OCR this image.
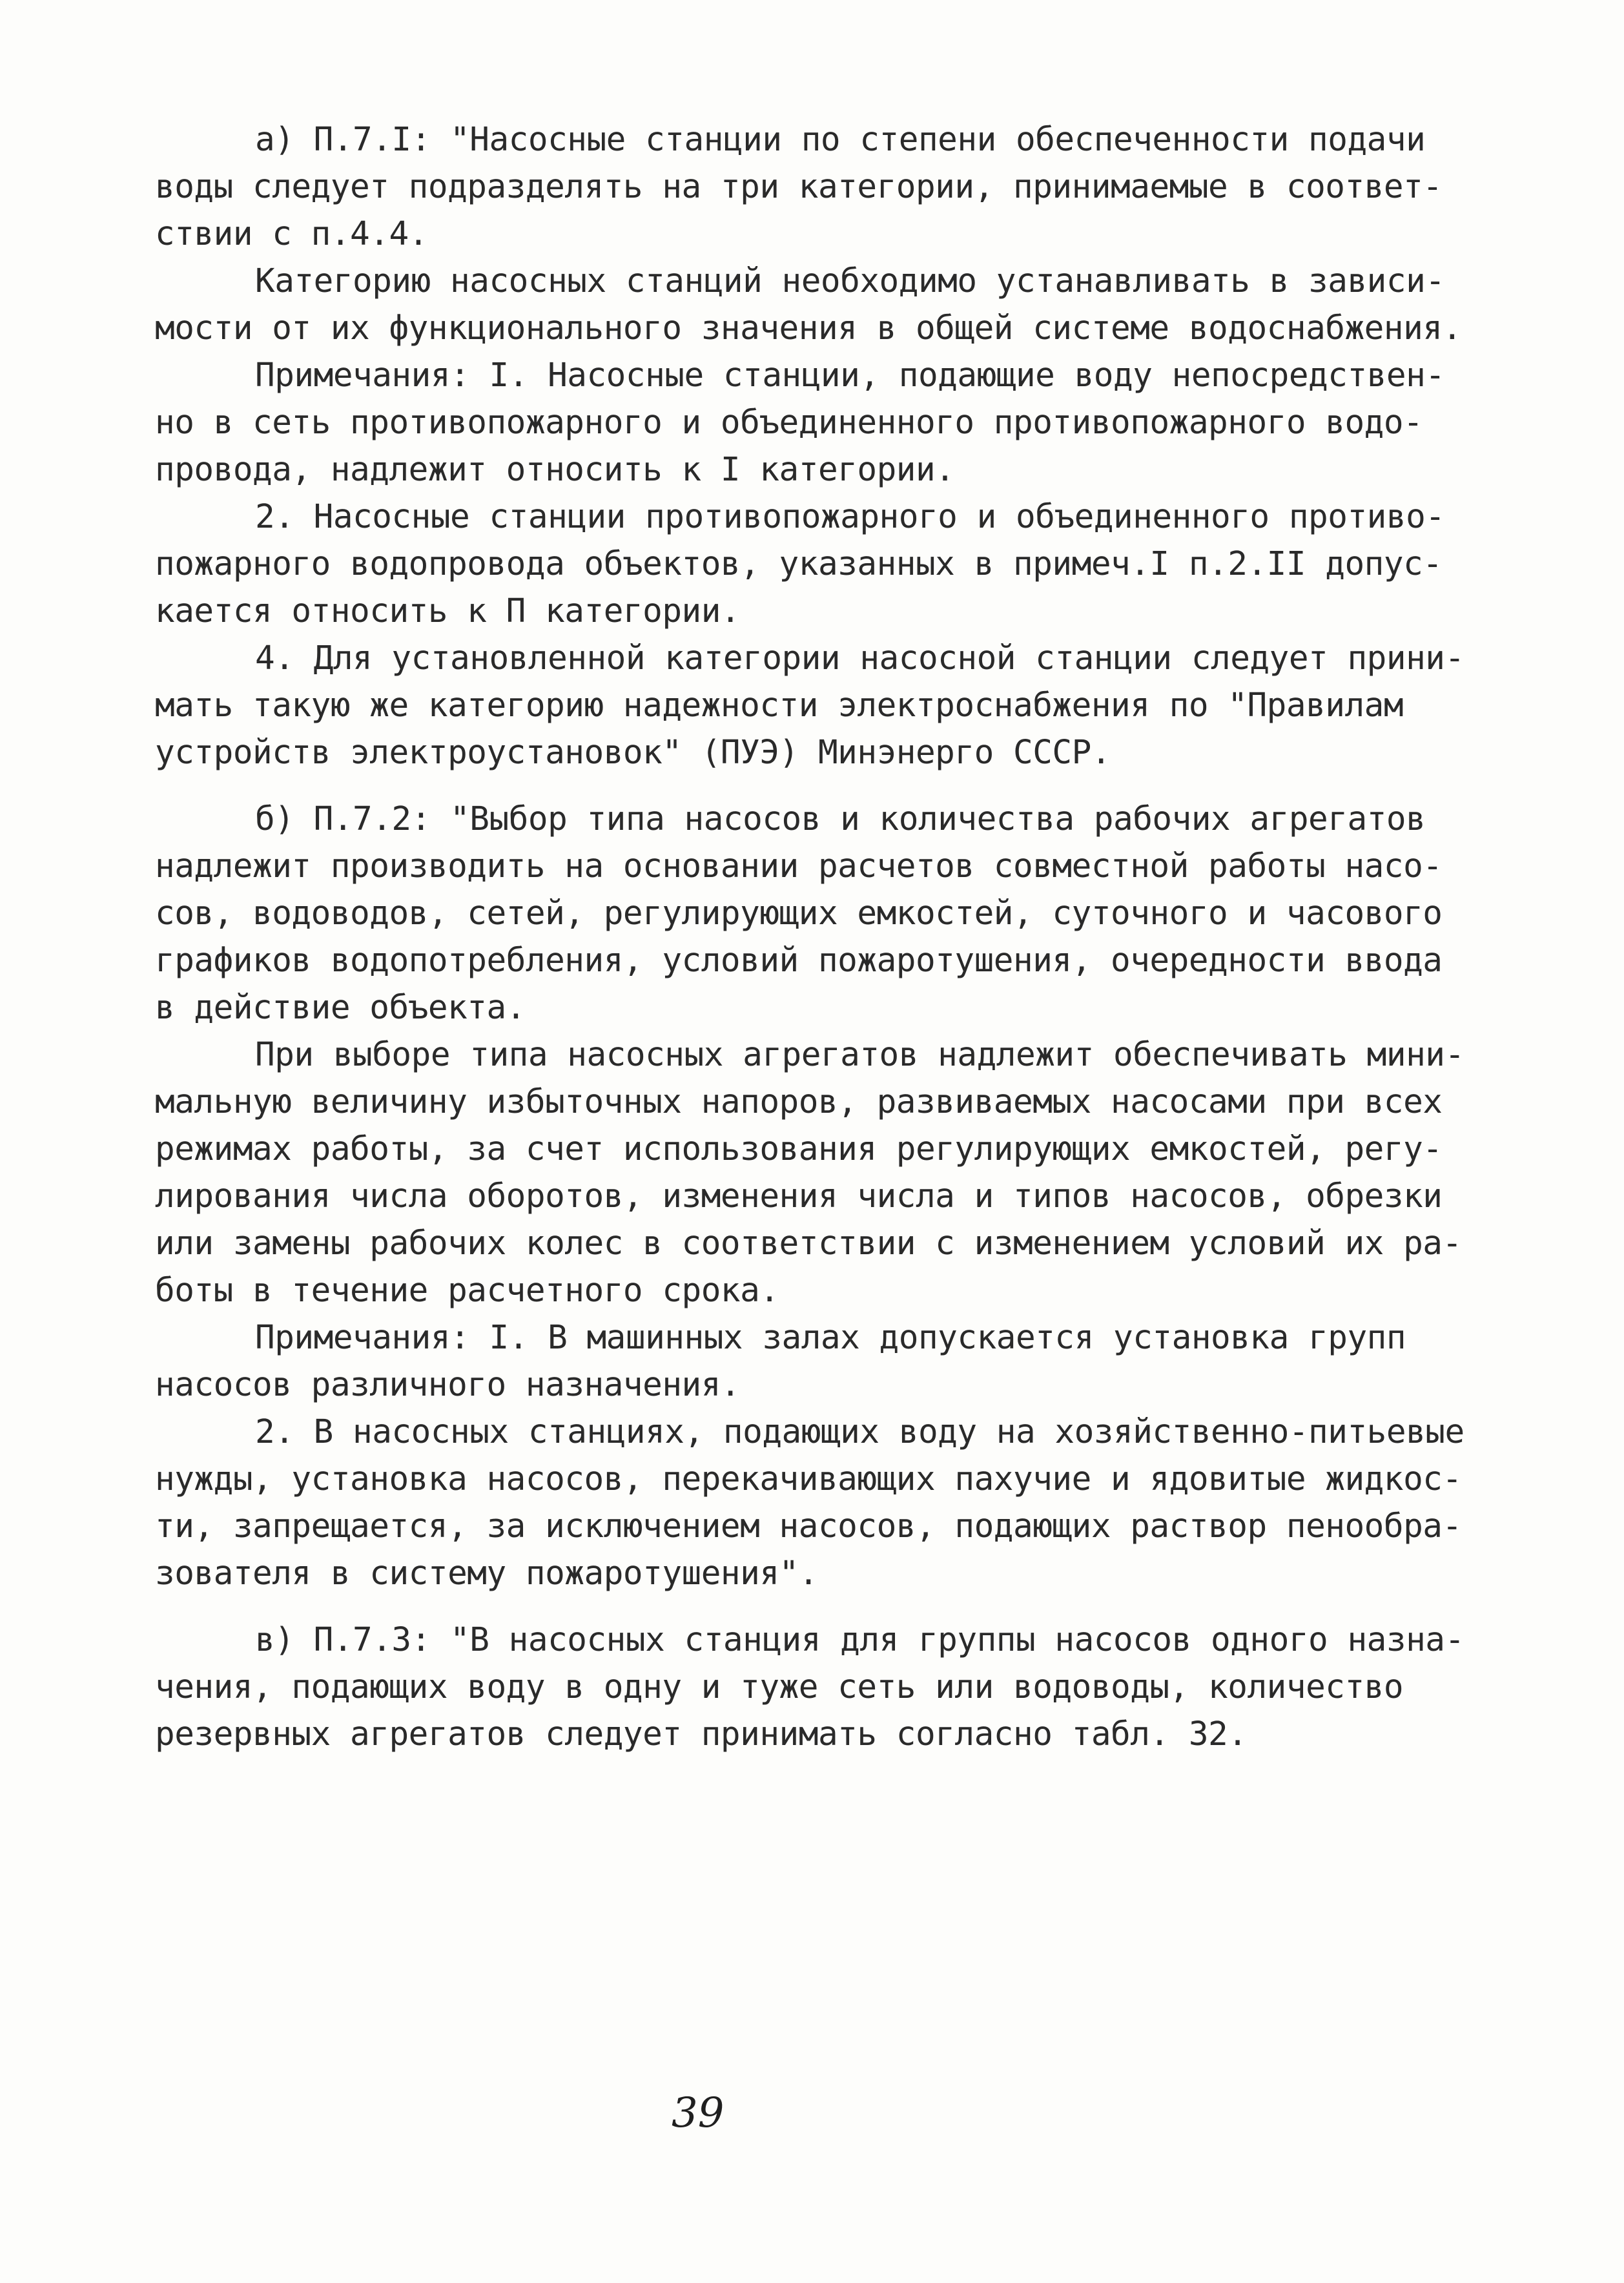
а) П.7.I: "Насосные станции по степени обеспеченности подачи
воды следует подразделять на три категории, принимаемые в соответ-
ствии с п.4.4.
Категорию насосных станций необходимо устанавливать в зависи-
мости от их функционального значения в общей системе водоснабжения.
Примечания: I. Насосные станции, подающие воду непосредствен-
но в сеть противопожарного и объединенного противопожарного водо-
провода, надлежит относить к I категории.
2. Насосные станции противопожарного и объединенного противо-
пожарного водопровода объектов, указанных в примеч.I п.2.II допус-
кается относить к П категории.
4. Для установленной категории насосной станции следует прини-
мать такую же категорию надежности электроснабжения по "Правилам
устройств электроустановок" (ПУЭ) Минэнерго СССР.
б) П.7.2: "Выбор типа насосов и количества рабочих агрегатов
надлежит производить на основании расчетов совместной работы насо-
сов, водоводов, сетей, регулирующих емкостей, суточного и часового
графиков водопотребления, условий пожаротушения, очередности ввода
в действие объекта.
При выборе типа насосных агрегатов надлежит обеспечивать мини-
мальную величину избыточных напоров, развиваемых насосами при всех
режимах работы, за счет использования регулирующих емкостей, регу-
лирования числа оборотов, изменения числа и типов насосов, обрезки
или замены рабочих колес в соответствии с изменением условий их ра-
боты в течение расчетного срока.
Примечания: I. В машинных залах допускается установка групп
насосов различного назначения.
2. В насосных станциях, подающих воду на хозяйственно-питьевые
нужды, установка насосов, перекачивающих пахучие и ядовитые жидкос-
ти, запрещается, за исключением насосов, подающих раствор пенообра-
зователя в систему пожаротушения".
в) П.7.3: "В насосных станция для группы насосов одного назна-
чения, подающих воду в одну и туже сеть или водоводы, количество
резервных агрегатов следует принимать согласно табл. 32.
39
